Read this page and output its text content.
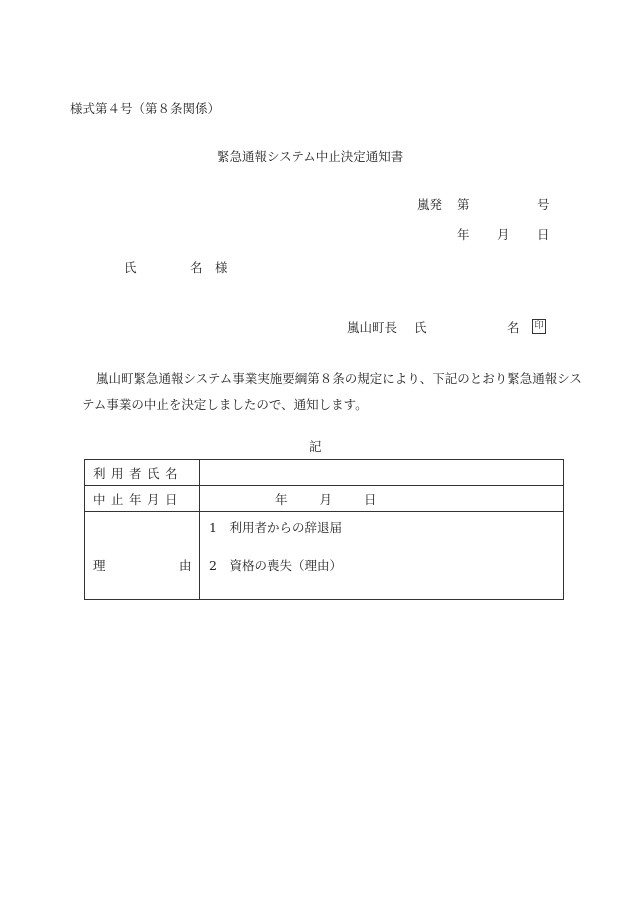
様式第４号（第８条関係）
緊急通報システム中止決定通知書
嵐発 第	号
年 月 日
氏	名 様
嵐山町長 氏	名 印
嵐山町緊急通報システム事業実施要綱第８条の規定により、下記のとおり緊急通報システム事業の中止を決定しましたので、通知します。
記
利用者氏名	
中止年月日	年 月 日

理 由	1　利用者からの辞退届
2　資格の喪失（理由）
